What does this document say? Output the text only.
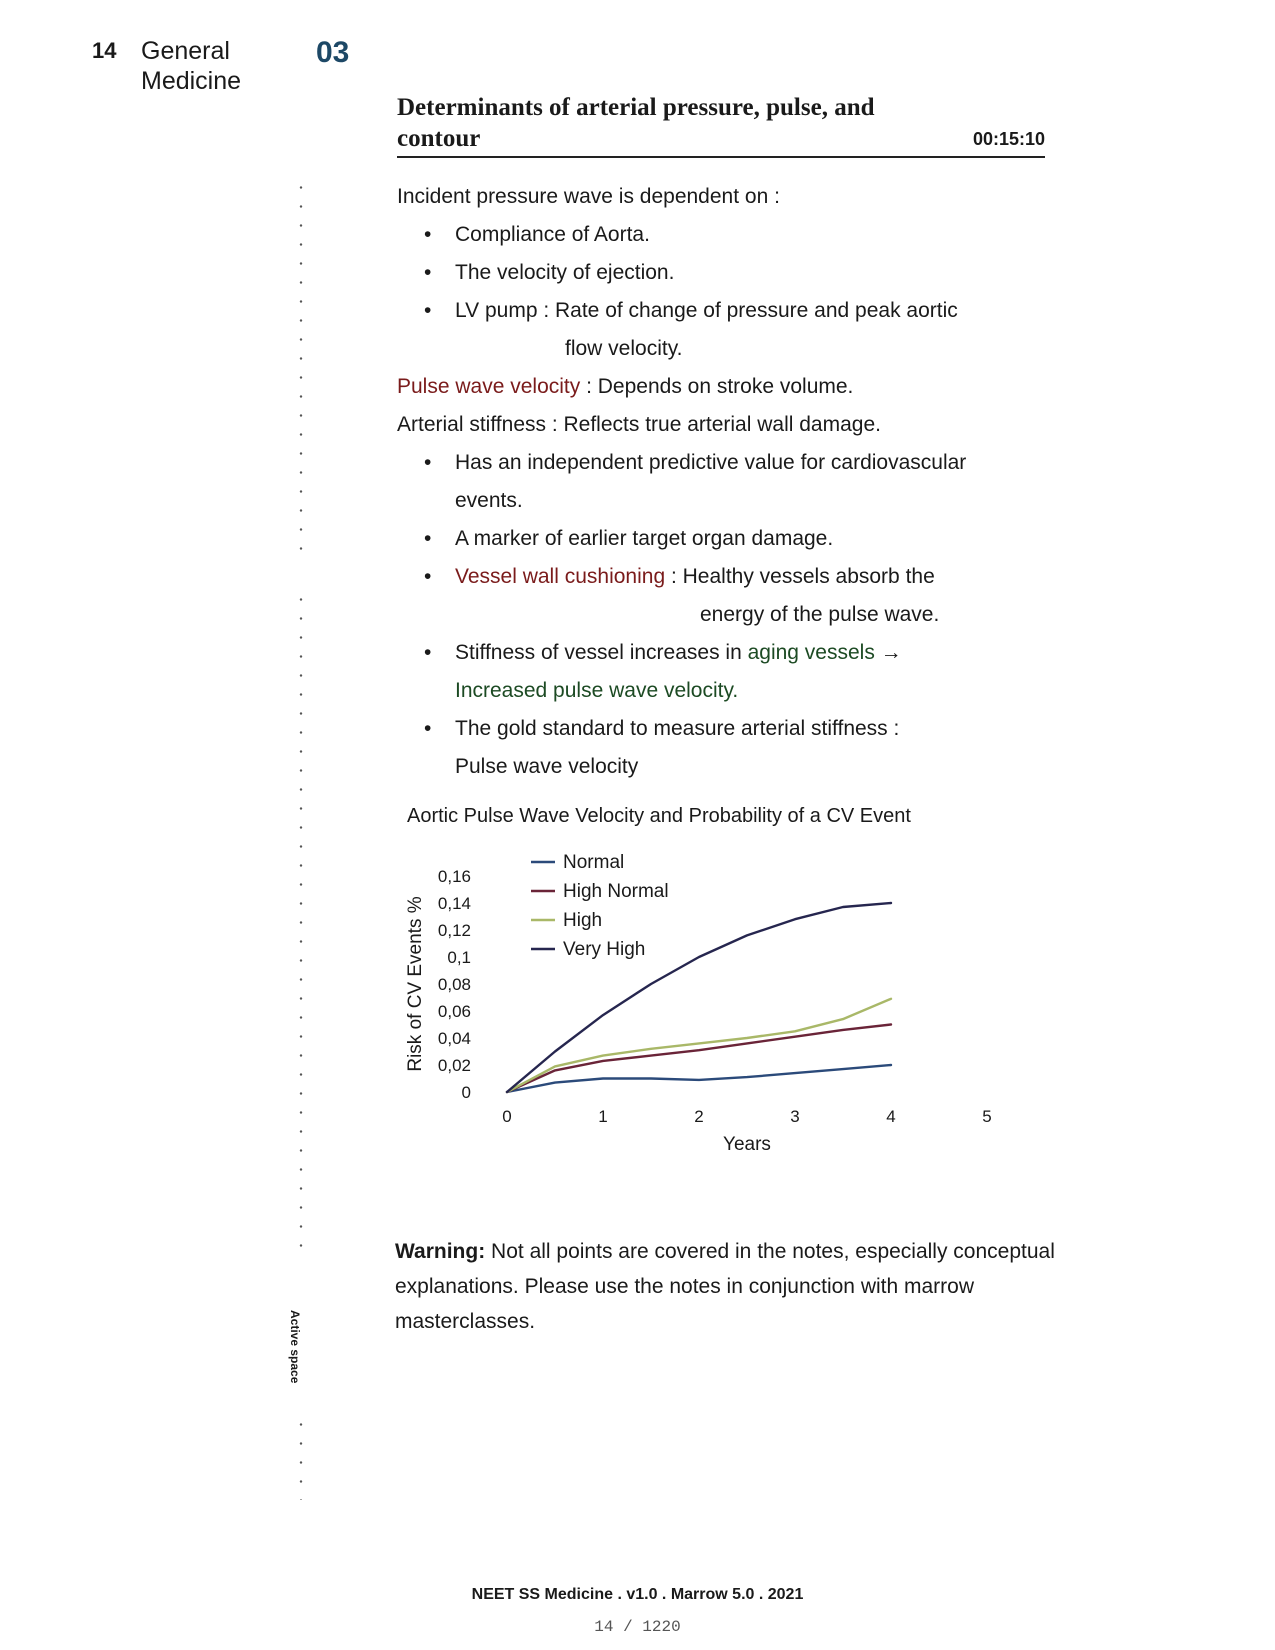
14 General Medicine
03
Determinants of arterial pressure, pulse, and contour	00:15:10
Active space
Incident pressure wave is dependent on :
• Compliance of Aorta.
• The velocity of ejection.
• LV pump : Rate of change of pressure and peak aortic
flow velocity.
Pulse wave velocity : Depends on stroke volume.
Arterial stiffness : Reflects true arterial wall damage.
• Has an independent predictive value for cardiovascular
events.
• A marker of earlier target organ damage.
• Vessel wall cushioning : Healthy vessels absorb the
energy of the pulse wave.
• Stiffness of vessel increases in aging vessels →
Increased pulse wave velocity.
• The gold standard to measure arterial stiffness :
Pulse wave velocity
Aortic Pulse Wave Velocity and Probability of a CV Event
0
0,02
0,04
0,06
0,08
0,1
0,12
0,14
0,16
0	1	2	3	4	5
Years
Risk of CV Events %
Normal
High Normal
High
Very High
Warning: Not all points are covered in the notes, especially conceptual explanations. Please use the notes in conjunction with marrow masterclasses.
NEET SS Medicine . v1.0 . Marrow 5.0 . 2021
14 / 1220
